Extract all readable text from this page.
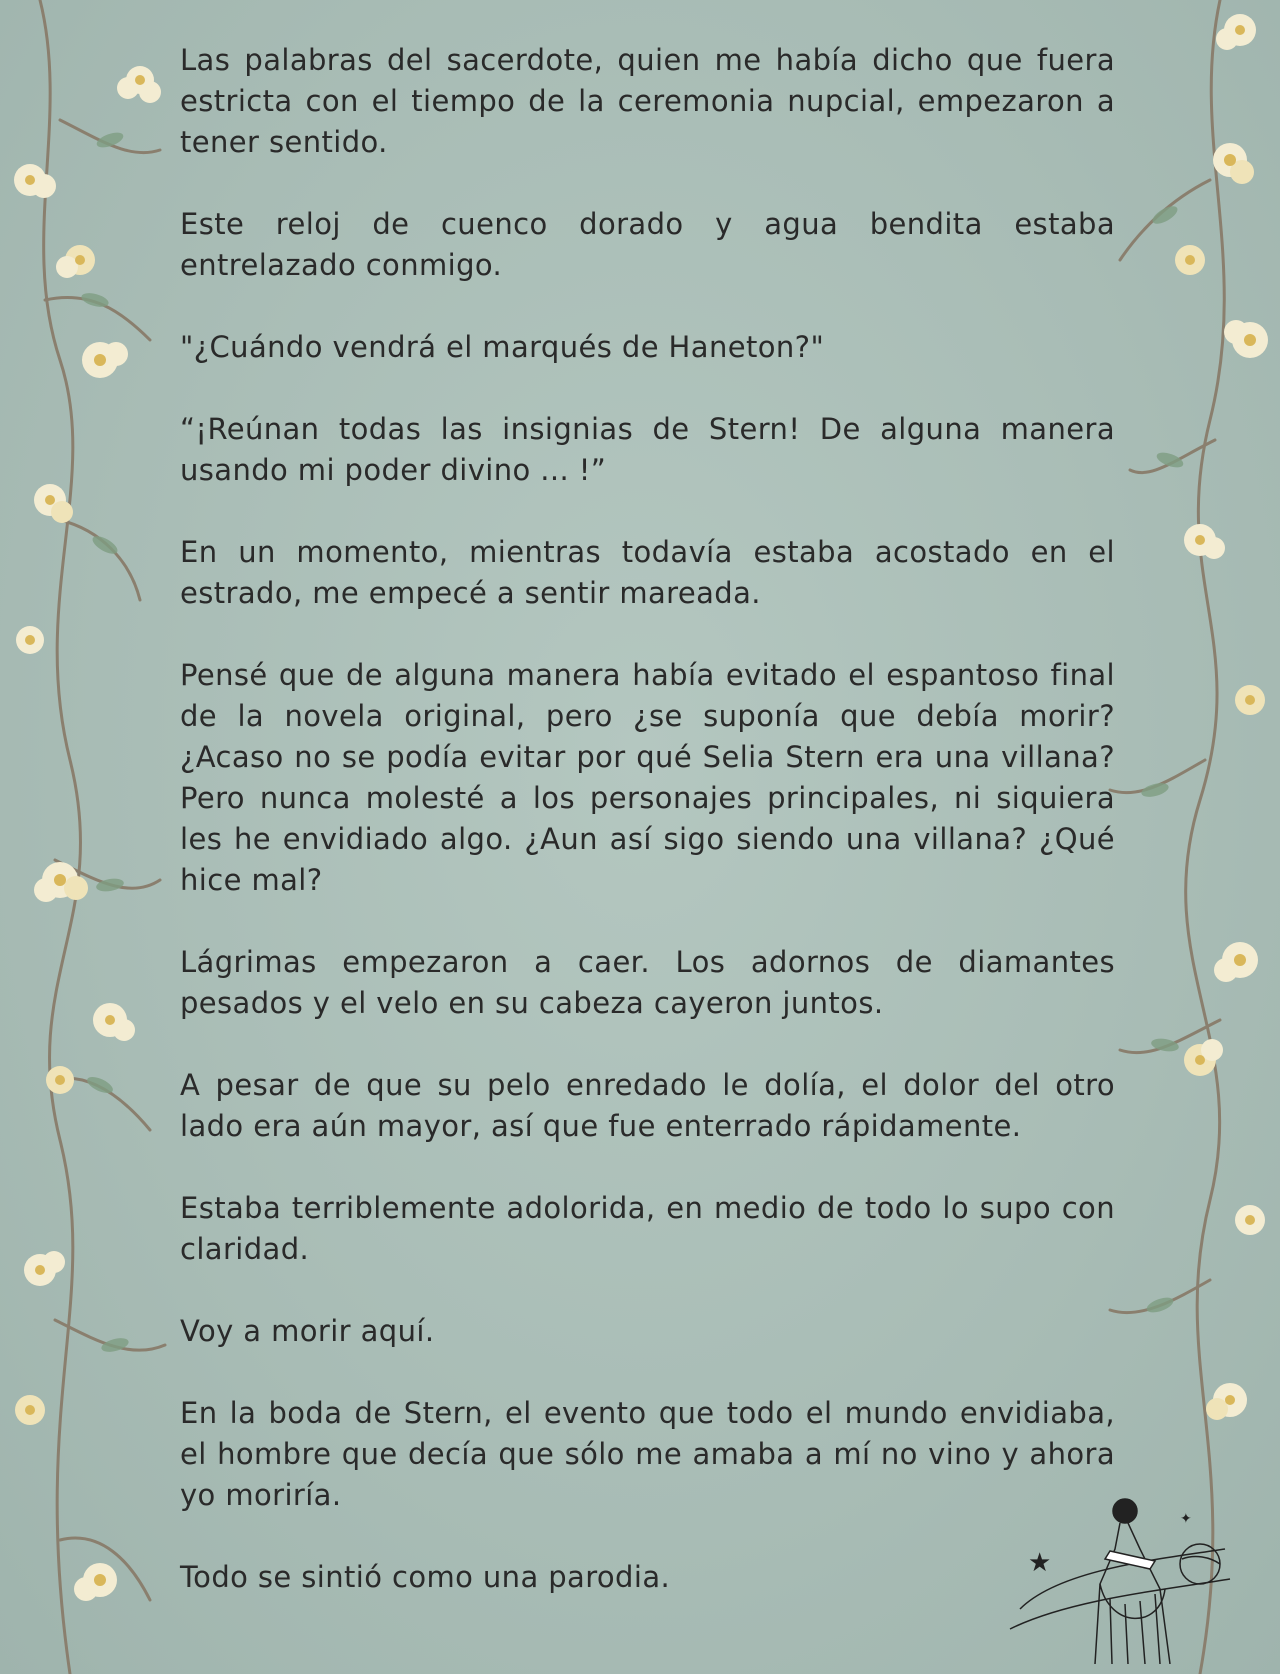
Las palabras del sacerdote, quien me había dicho que fuera estricta con el tiempo de la ceremonia nupcial, empezaron a tener sentido.

Este reloj de cuenco dorado y agua bendita estaba entrelazado conmigo.

"¿Cuándo vendrá el marqués de Haneton?"

“¡Reúnan todas las insignias de Stern! De alguna manera usando mi poder divino ... !”

En un momento, mientras todavía estaba acostado en el estrado, me empecé a sentir mareada.

Pensé que de alguna manera había evitado el espantoso final de la novela original, pero ¿se suponía que debía morir? ¿Acaso no se podía evitar por qué Selia Stern era una villana? Pero nunca molesté a los personajes principales, ni siquiera les he envidiado algo. ¿Aun así sigo siendo una villana? ¿Qué hice mal?

Lágrimas empezaron a caer. Los adornos de diamantes pesados y el velo en su cabeza cayeron juntos.

A pesar de que su pelo enredado le dolía, el dolor del otro lado era aún mayor, así que fue enterrado rápidamente.

Estaba terriblemente adolorida, en medio de todo lo supo con claridad.

Voy a morir aquí.

En la boda de Stern, el evento que todo el mundo envidiaba, el hombre que decía que sólo me amaba a mí no vino y ahora yo moriría.

Todo se sintió como una parodia.	★
✦
